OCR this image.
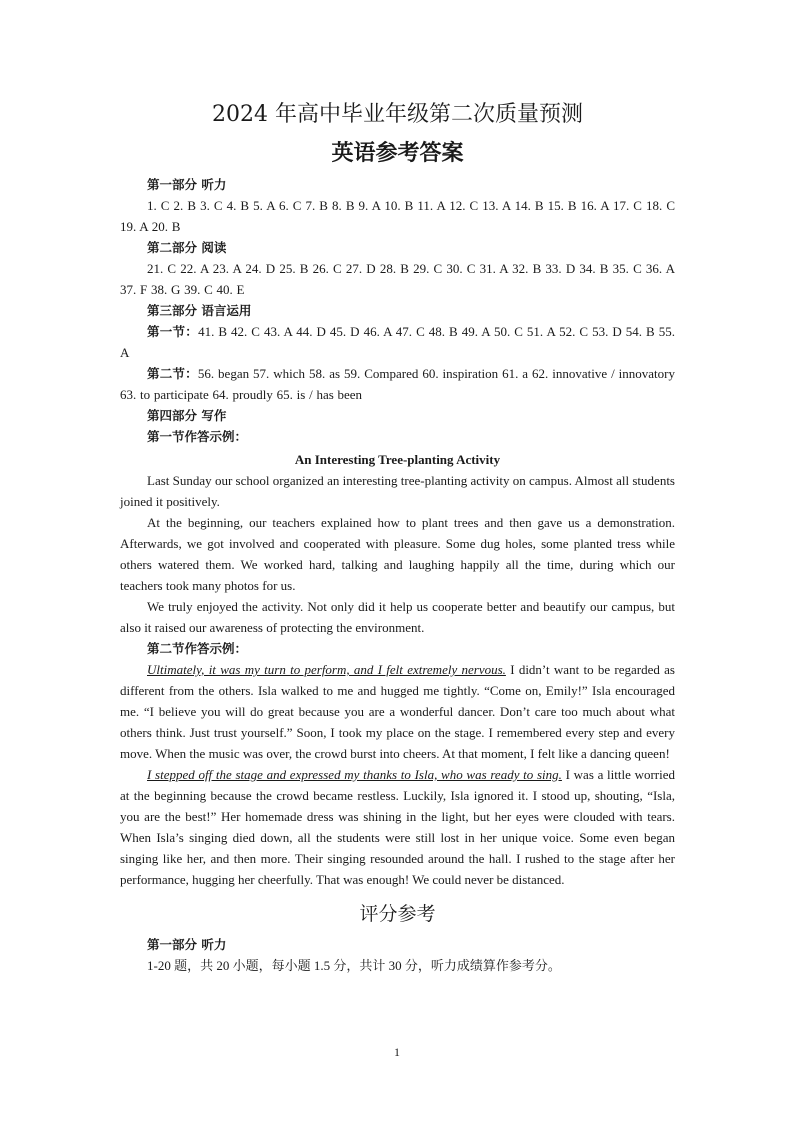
2024 年高中毕业年级第二次质量预测
英语参考答案
第一部分 听力

1. C 2. B 3. C 4. B 5. A 6. C 7. B 8. B 9. A 10. B 11. A 12. C 13. A 14. B 15. B 16. A 17. C 18. C 19. A 20. B

第二部分 阅读

21. C 22. A 23. A 24. D 25. B 26. C 27. D 28. B 29. C 30. C 31. A 32. B 33. D 34. B 35. C 36. A 37. F 38. G 39. C 40. E

第三部分 语言运用

第一节：41. B 42. C 43. A 44. D 45. D 46. A 47. C 48. B 49. A 50. C 51. A 52. C 53. D 54. B 55. A

第二节：56. began 57. which 58. as 59. Compared 60. inspiration 61. a 62. innovative / innovatory 63. to participate 64. proudly 65. is / has been

第四部分 写作
第一节作答示例：
An Interesting Tree-planting Activity

Last Sunday our school organized an interesting tree-planting activity on campus. Almost all students joined it positively.

At the beginning, our teachers explained how to plant trees and then gave us a demonstration. Afterwards, we got involved and cooperated with pleasure. Some dug holes, some planted tress while others watered them. We worked hard, talking and laughing happily all the time, during which our teachers took many photos for us.

We truly enjoyed the activity. Not only did it help us cooperate better and beautify our campus, but also it raised our awareness of protecting the environment.

第二节作答示例：

Ultimately, it was my turn to perform, and I felt extremely nervous. I didn’t want to be regarded as different from the others. Isla walked to me and hugged me tightly. “Come on, Emily!” Isla encouraged me. “I believe you will do great because you are a wonderful dancer. Don’t care too much about what others think. Just trust yourself.” Soon, I took my place on the stage. I remembered every step and every move. When the music was over, the crowd burst into cheers. At that moment, I felt like a dancing queen!

I stepped off the stage and expressed my thanks to Isla, who was ready to sing. I was a little worried at the beginning because the crowd became restless. Luckily, Isla ignored it. I stood up, shouting, “Isla, you are the best!” Her homemade dress was shining in the light, but her eyes were clouded with tears. When Isla’s singing died down, all the students were still lost in her unique voice. Some even began singing like her, and then more. Their singing resounded around the hall. I rushed to the stage after her performance, hugging her cheerfully. That was enough! We could never be distanced.

评分参考
第一部分 听力

1-20 题，共 20 小题，每小题 1.5 分，共计 30 分，听力成绩算作参考分。

1
